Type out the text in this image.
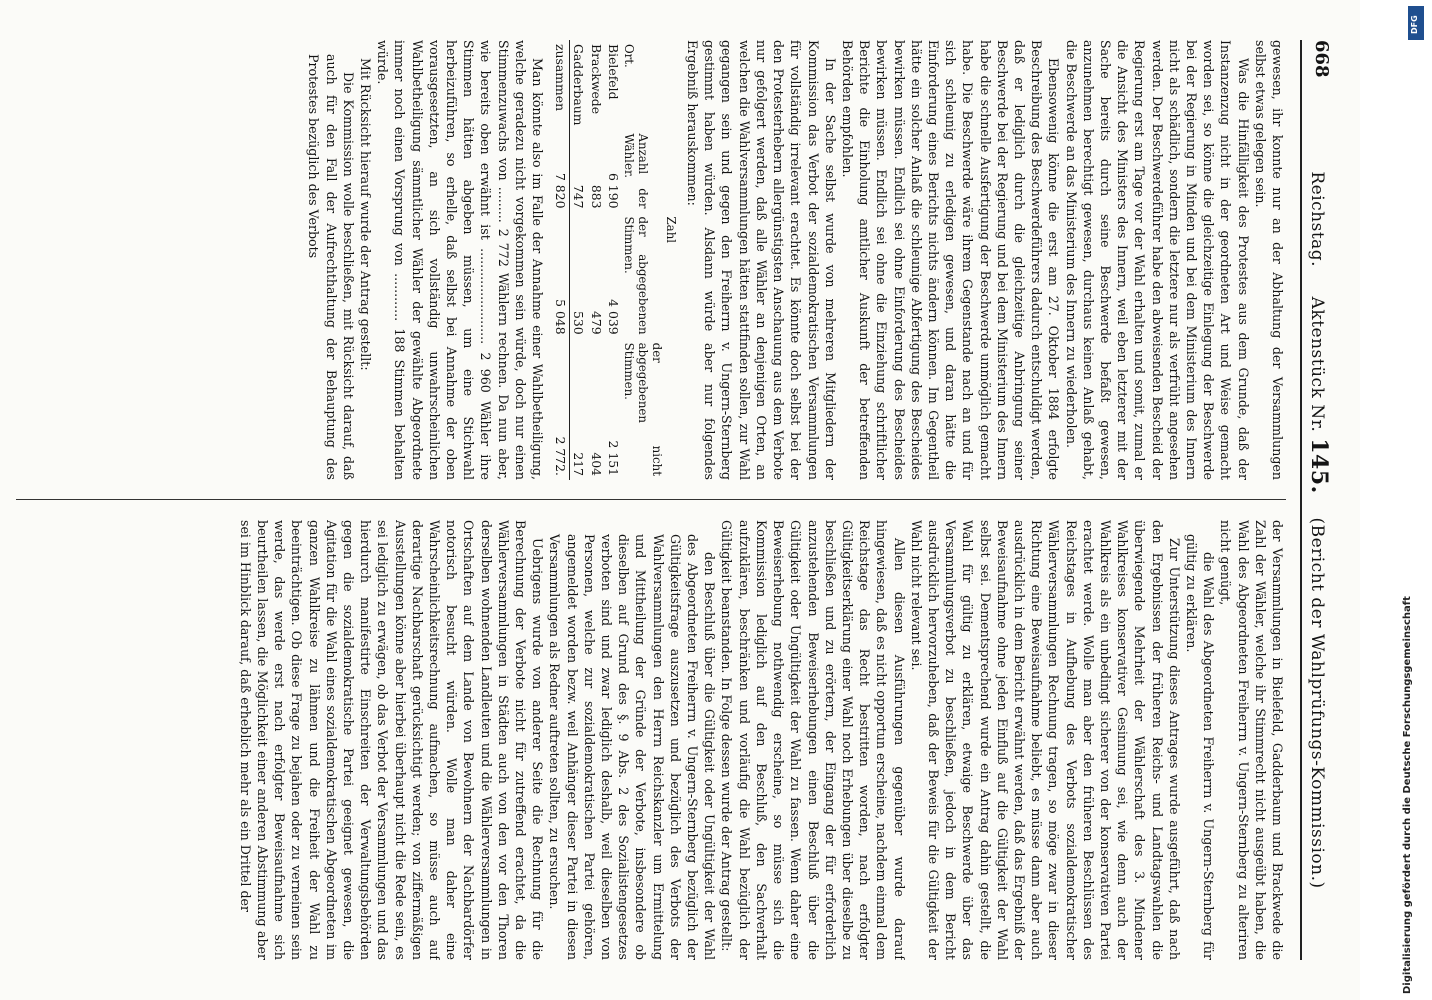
668
Reichstag.     Aktenstück Nr. 145.    (Bericht der Wahlprüfungs-Kommission.)

gewesen, ihr konnte nur an der Abhaltung der Versammlungen selbst etwas gelegen sein.

Was die Hinfälligkeit des Protestes aus dem Grunde, daß der Instanzenzug nicht in der geordneten Art und Weise gemacht worden sei, so könne die gleichzeitige Einlegung der Beschwerde bei der Regierung in Minden und bei dem Ministerium des Innern nicht als schädlich, sondern die letztere nur als verfrüht angesehen werden. Der Beschwerdeführer habe den abweisenden Bescheid der Regierung erst am Tage vor der Wahl erhalten und somit, zumal er die Ansicht des Ministers des Innern, weil eben letzterer mit der Sache bereits durch seine Beschwerde befaßt gewesen, anzunehmen berechtigt gewesen, durchaus keinen Anlaß gehabt, die Beschwerde an das Ministerium des Innern zu wiederholen.

Ebensowenig könne die erst am 27. Oktober 1884 erfolgte Beschreibung des Beschwerdeführers dadurch entschuldigt werden, daß er lediglich durch die gleichzeitige Anbringung seiner Beschwerde bei der Regierung und bei dem Ministerium des Innern habe die schnelle Ausfertigung der Beschwerde unmöglich gemacht habe. Die Beschwerde wäre ihrem Gegenstande nach an und für sich schleunig zu erledigen gewesen, und daran hätte die Einforderung eines Berichts nichts ändern können. Im Gegentheil hätte ein solcher Anlaß die schleunige Abfertigung des Bescheides bewirken müssen. Endlich sei ohne Einforderung des Bescheides bewirken müssen. Endlich sei ohne die Einziehung schriftlicher Berichte die Einholung amtlicher Auskunft der betreffenden Behörden empfohlen.

In der Sache selbst wurde von mehreren Mitgliedern der Kommission das Verbot der sozialdemokratischen Versammlungen für vollständig irrelevant erachtet. Es könnte doch selbst bei der den Protesterhebern allergünstigsten Anschauung aus dem Verbote nur gefolgert werden, daß alle Wähler an denjenigen Orten, an welchen die Wahlversammlungen hätten stattfinden sollen, zur Wahl gegangen sein und gegen den Freiherrn v. Ungern-Sternberg gestimmt haben würden. Alsdann würde aber nur folgendes Ergebniß herauskommen:

Ort.	Anzahl der Wähler.	Zahl	
		der abgegebenen Stimmen.	der nicht abgegebenen Stimmen.
Bielefeld	6 190	4 039	2 151
Brackwede	883	479	404
Gadderbaum	747	530	217
zusammen	7 820	5 048	2 772.

Man könnte also im Falle der Annahme einer Wahlbetheiligung, welche geradezu nicht vorgekommen sein würde, doch nur einen Stimmenzuwachs von ......... 2 772 Wählern rechnen. Da nun aber, wie bereits oben erwähnt ist ........................ 2 960 Wähler ihre Stimmen hätten abgeben müssen, um eine Stichwahl herbeizuführen, so erhelle, daß selbst bei Annahme der oben vorausgesetzten, an sich vollständig unwahrscheinlichen Wahlbetheiligung sämmtlicher Wähler der gewählte Abgeordnete immer noch einen Vorsprung von ............ 188 Stimmen behalten würde.

Mit Rücksicht hierauf wurde der Antrag gestellt:

Die Kommission wolle beschließen, mit Rücksicht darauf, daß auch für den Fall der Aufrechthaltung der Behauptung des Protestes bezüglich des Verbots

der Versammlungen in Bielefeld, Gadderbaum und Brackwede die Zahl der Wähler, welche ihr Stimmrecht nicht ausgeübt haben, die Wahl des Abgeordneten Freiherrn v. Ungern-Sternberg zu alteriren nicht genügt,

die Wahl des Abgeordneten Freiherrn v. Ungern-Sternberg für gültig zu erklären.

Zur Unterstützung dieses Antrages wurde ausgeführt, daß nach den Ergebnissen der früheren Reichs- und Landtagswahlen die überwiegende Mehrheit der Wählerschaft des 3. Mindener Wahlkreises konservativer Gesinnung sei, wie denn auch der Wahlkreis als ein unbedingt sicherer von der konservativen Partei erachtet werde. Wolle man aber den früheren Beschlüssen des Reichstages in Aufhebung des Verbots sozialdemokratischer Wählerversammlungen Rechnung tragen, so möge zwar in dieser Richtung eine Beweisaufnahme beliebt, es müsse dann aber auch ausdrücklich in dem Bericht erwähnt werden, daß das Ergebniß der Beweisaufnahme ohne jeden Einfluß auf die Gültigkeit der Wahl selbst sei. Dementsprechend wurde ein Antrag dahin gestellt, die Wahl für gültig zu erklären, etwaige Beschwerde über das Versammlungsverbot zu beschließen, jedoch in dem Bericht ausdrücklich hervorzuheben, daß der Beweis für die Gültigkeit der Wahl nicht relevant sei.

Allen diesen Ausführungen gegenüber wurde darauf hingewiesen, daß es nicht opportun erscheine, nachdem einmal dem Reichstage das Recht bestritten worden, nach erfolgter Gültigkeitserklärung einer Wahl noch Erhebungen über dieselbe zu beschließen und zu erörtern, der Eingang der für erforderlich anzustehenden Beweiserhebungen einen Beschluß über die Gültigkeit oder Ungültigkeit der Wahl zu fassen. Wenn daher eine Beweiserhebung nothwendig erscheine, so müsse sich die Kommission lediglich auf den Beschluß, den Sachverhalt aufzuklären, beschränken und vorläufig die Wahl bezüglich der Gültigkeit beanstanden. In Folge dessen wurde der Antrag gestellt:

den Beschluß über die Gültigkeit oder Ungültigkeit der Wahl des Abgeordneten Freiherrn v. Ungern-Sternberg bezüglich der Gültigkeitsfrage auszusetzen und bezüglich des Verbots der Wahlversammlungen den Herrn Reichskanzler um Ermittelung und Mittheilung der Gründe der Verbote, insbesondere ob dieselben auf Grund des §. 9 Abs. 2 des Sozialistengesetzes verboten sind und zwar lediglich deshalb, weil dieselben von Personen, welche zur sozialdemokratischen Partei gehören, angemeldet worden bezw. weil Anhänger dieser Partei in diesen Versammlungen als Redner auftreten sollten, zu ersuchen.

Uebrigens wurde von anderer Seite die Rechnung für die Berechnung der Verbote nicht für zutreffend erachtet, da die Wählerversammlungen in Städten auch von den vor den Thoren derselben wohnenden Landleuten und die Wählerversammlungen in Ortschaften auf dem Lande von Bewohnern der Nachbardörfer notorisch besucht würden. Wolle man daher eine Wahrscheinlichkeitsrechnung aufmachen, so müsse auch auf derartige Nachbarschaft gerücksichtigt werden; von ziffermäßigen Ausstellungen könne aber hierbei überhaupt nicht die Rede sein, es sei lediglich zu erwägen, ob das Verbot der Versammlungen und das hierdurch manifestirte Einschreiten der Verwaltungsbehörden gegen die sozialdemokratische Partei geeignet gewesen, die Agitation für die Wahl eines sozialdemokratischen Abgeordneten im ganzen Wahlkreise zu lähmen und die Freiheit der Wahl zu beeinträchtigen. Ob diese Frage zu bejahen oder zu verneinen sein werde, das werde erst nach erfolgter Beweisaufnahme sich beurtheilen lassen, die Möglichkeit einer anderen Abstimmung aber sei im Hinblick darauf, daß erheblich mehr als ein Drittel der

DFG
Digitalisierung gefördert durch die Deutsche Forschungsgemeinschaft
